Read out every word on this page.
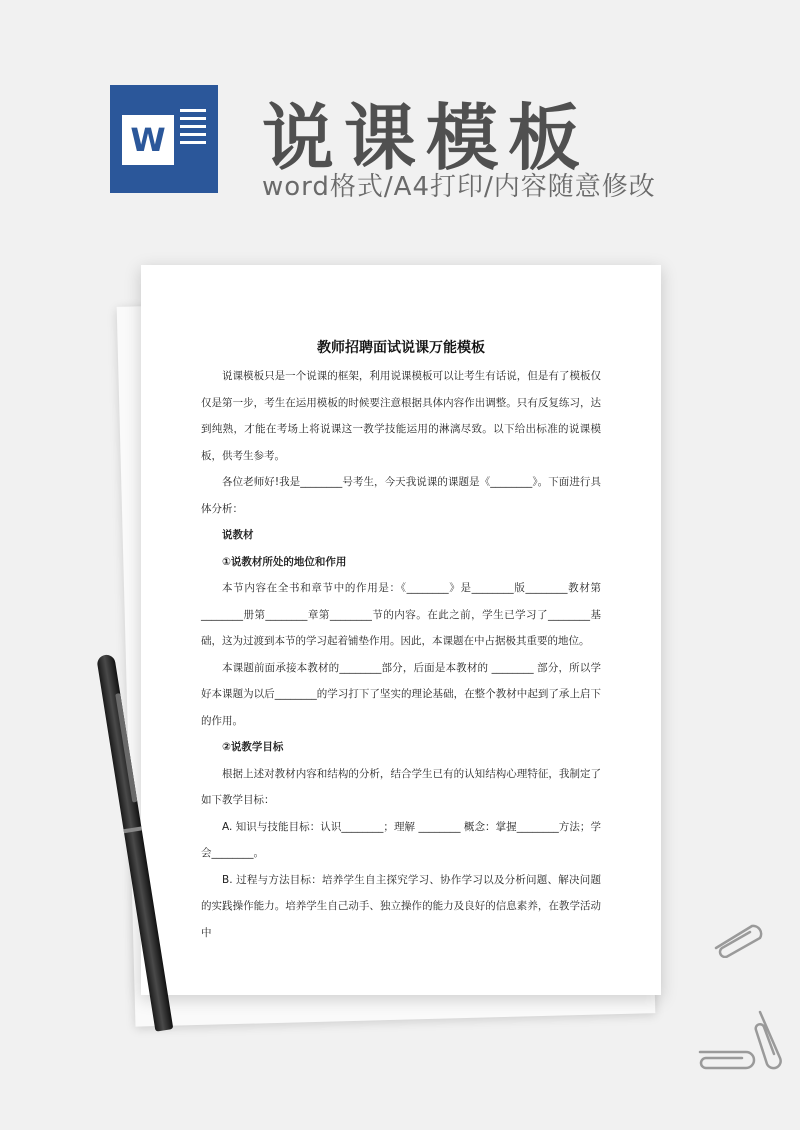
W 说课模板
word格式/A4打印/内容随意修改
教师招聘面试说课万能模板

说课模板只是一个说课的框架，利用说课模板可以让考生有话说，但是有了模板仅仅是第一步，考生在运用模板的时候要注意根据具体内容作出调整。只有反复练习，达到纯熟，才能在考场上将说课这一教学技能运用的淋漓尽致。以下给出标准的说课模板，供考生参考。

各位老师好!我是________号考生，今天我说课的课题是《________》。下面进行具体分析：

说教材

①说教材所处的地位和作用

本节内容在全书和章节中的作用是：《________》是________版________教材第________册第________章第________节的内容。在此之前，学生已学习了________基础，这为过渡到本节的学习起着铺垫作用。因此，本课题在中占据极其重要的地位。

本课题前面承接本教材的________部分，后面是本教材的 ________ 部分，所以学好本课题为以后________的学习打下了坚实的理论基础，在整个教材中起到了承上启下的作用。

②说教学目标

根据上述对教材内容和结构的分析，结合学生已有的认知结构心理特征，我制定了如下教学目标：

A. 知识与技能目标：认识________；理解 ________ 概念：掌握________方法；学会________。

B. 过程与方法目标：培养学生自主探究学习、协作学习以及分析问题、解决问题的实践操作能力。培养学生自己动手、独立操作的能力及良好的信息素养，在教学活动中
